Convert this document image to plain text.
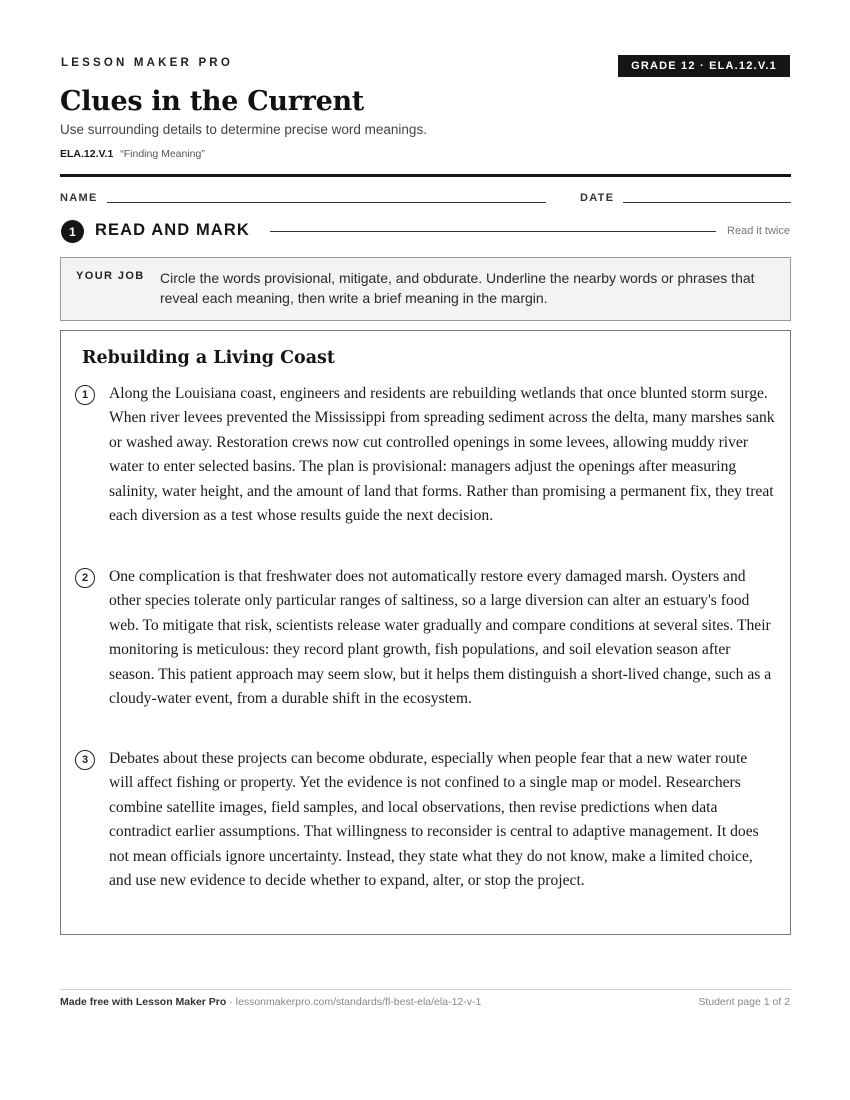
LESSON MAKER PRO	GRADE 12 · ELA.12.V.1
Clues in the Current
Use surrounding details to determine precise word meanings.
ELA.12.V.1 “Finding Meaning”
NAME	DATE
1	READ AND MARK	Read it twice
YOUR JOB Circle the words provisional, mitigate, and obdurate. Underline the nearby words or phrases that reveal each meaning, then write a brief meaning in the margin.
Rebuilding a Living Coast
1	Along the Louisiana coast, engineers and residents are rebuilding wetlands that once blunted storm surge. When river levees prevented the Mississippi from spreading sediment across the delta, many marshes sank or washed away. Restoration crews now cut controlled openings in some levees, allowing muddy river water to enter selected basins. The plan is provisional: managers adjust the openings after measuring salinity, water height, and the amount of land that forms. Rather than promising a permanent fix, they treat each diversion as a test whose results guide the next decision.
2	One complication is that freshwater does not automatically restore every damaged marsh. Oysters and other species tolerate only particular ranges of saltiness, so a large diversion can alter an estuary's food web. To mitigate that risk, scientists release water gradually and compare conditions at several sites. Their monitoring is meticulous: they record plant growth, fish populations, and soil elevation season after season. This patient approach may seem slow, but it helps them distinguish a short-lived change, such as a cloudy-water event, from a durable shift in the ecosystem.
3	Debates about these projects can become obdurate, especially when people fear that a new water route will affect fishing or property. Yet the evidence is not confined to a single map or model. Researchers combine satellite images, field samples, and local observations, then revise predictions when data contradict earlier assumptions. That willingness to reconsider is central to adaptive management. It does not mean officials ignore uncertainty. Instead, they state what they do not know, make a limited choice, and use new evidence to decide whether to expand, alter, or stop the project.
Made free with Lesson Maker Pro · lessonmakerpro.com/standards/fl-best-ela/ela-12-v-1	Student page 1 of 2
